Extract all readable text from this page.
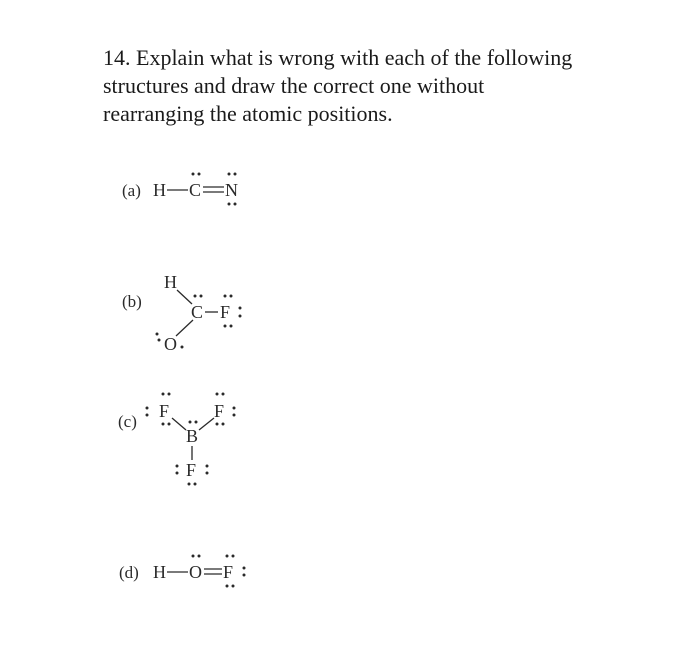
14. Explain what is wrong with each of the following
structures and draw the correct one without
rearranging the atomic positions.
(a) H C N
(b)
H
C F
O
(c)
F F
B
F
(d) H O F
